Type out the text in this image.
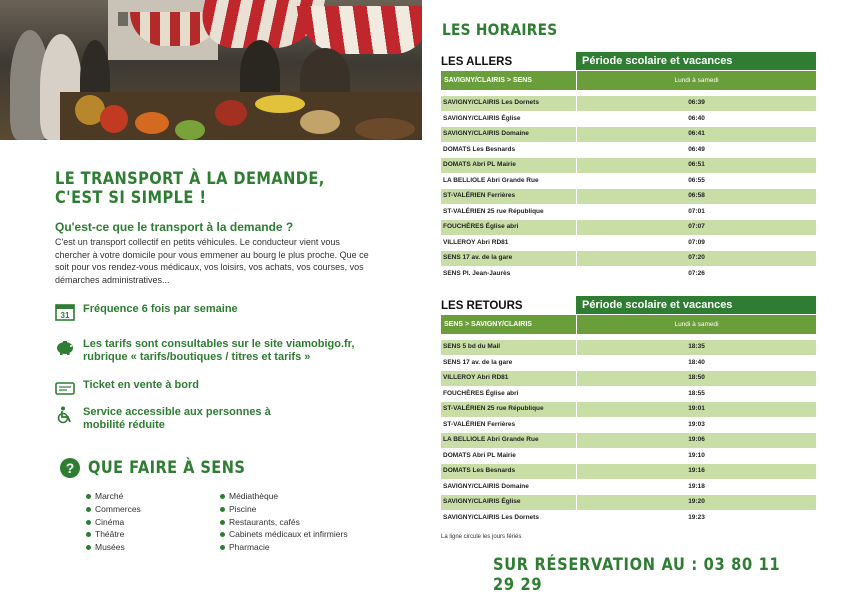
LE TRANSPORT À LA DEMANDE,
C'EST SI SIMPLE !
Qu'est-ce que le transport à la demande ?
C'est un transport collectif en petits véhicules. Le conducteur vient vous chercher à votre domicile pour vous emmener au bourg le plus proche. Que ce soit pour vos rendez-vous médicaux, vos loisirs, vos achats, vos courses, vos démarches administratives...
31
Fréquence 6 fois par semaine
Les tarifs sont consultables sur le site viamobigo.fr, rubrique « tarifs/boutiques / titres et tarifs »
Ticket en vente à bord
Service accessible aux personnes à mobilité réduite
? QUE FAIRE À SENS
Marché
Commerces
Cinéma
Théâtre
Musées
Médiathèque
Piscine
Restaurants, cafés
Cabinets médicaux et infirmiers
Pharmacie
LES HORAIRES
LES ALLERS	Période scolaire et vacances
SAVIGNY/CLAIRIS > SENS	Lundi à samedi
SAVIGNY/CLAIRIS Les Dornets	06:39
SAVIGNY/CLAIRIS Église	06:40
SAVIGNY/CLAIRIS Domaine	06:41
DOMATS Les Besnards	06:49
DOMATS Abri PL Mairie	06:51
LA BELLIOLE Abri Grande Rue	06:55
ST-VALÉRIEN Ferrières	06:58
ST-VALÉRIEN 25 rue République	07:01
FOUCHÈRES Église abri	07:07
VILLEROY Abri RD81	07:09
SENS 17 av. de la gare	07:20
SENS Pl. Jean-Jaurès	07:26
LES RETOURS	Période scolaire et vacances
SENS > SAVIGNY/CLAIRIS	Lundi à samedi
SENS 5 bd du Mail	18:35
SENS 17 av. de la gare	18:40
VILLEROY Abri RD81	18:50
FOUCHÈRES Église abri	18:55
ST-VALÉRIEN 25 rue République	19:01
ST-VALÉRIEN Ferrières	19:03
LA BELLIOLE Abri Grande Rue	19:06
DOMATS Abri PL Mairie	19:10
DOMATS Les Besnards	19:16
SAVIGNY/CLAIRIS Domaine	19:18
SAVIGNY/CLAIRIS Église	19:20
SAVIGNY/CLAIRIS Les Dornets	19:23
La ligne circule les jours fériés
SUR RÉSERVATION AU : 03 80 11 29 29
